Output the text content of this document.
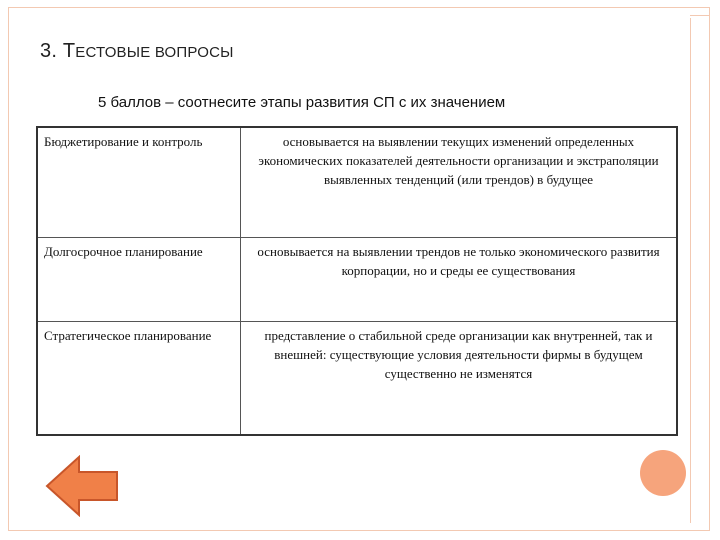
3. ТЕСТОВЫЕ ВОПРОСЫ
5 баллов – соотнесите этапы развития СП с их значением
Бюджетирование и контроль	основывается на выявлении текущих изменений определенных экономических показателей деятельности организации и экстраполяции выявленных тенденций (или трендов) в будущее
Долгосрочное планирование	основывается на выявлении трендов не только экономического развития корпорации, но и среды ее существования
Стратегическое планирование	представление о стабильной среде организации как внутренней, так и внешней: существующие условия деятельности фирмы в будущем существенно не изменятся
